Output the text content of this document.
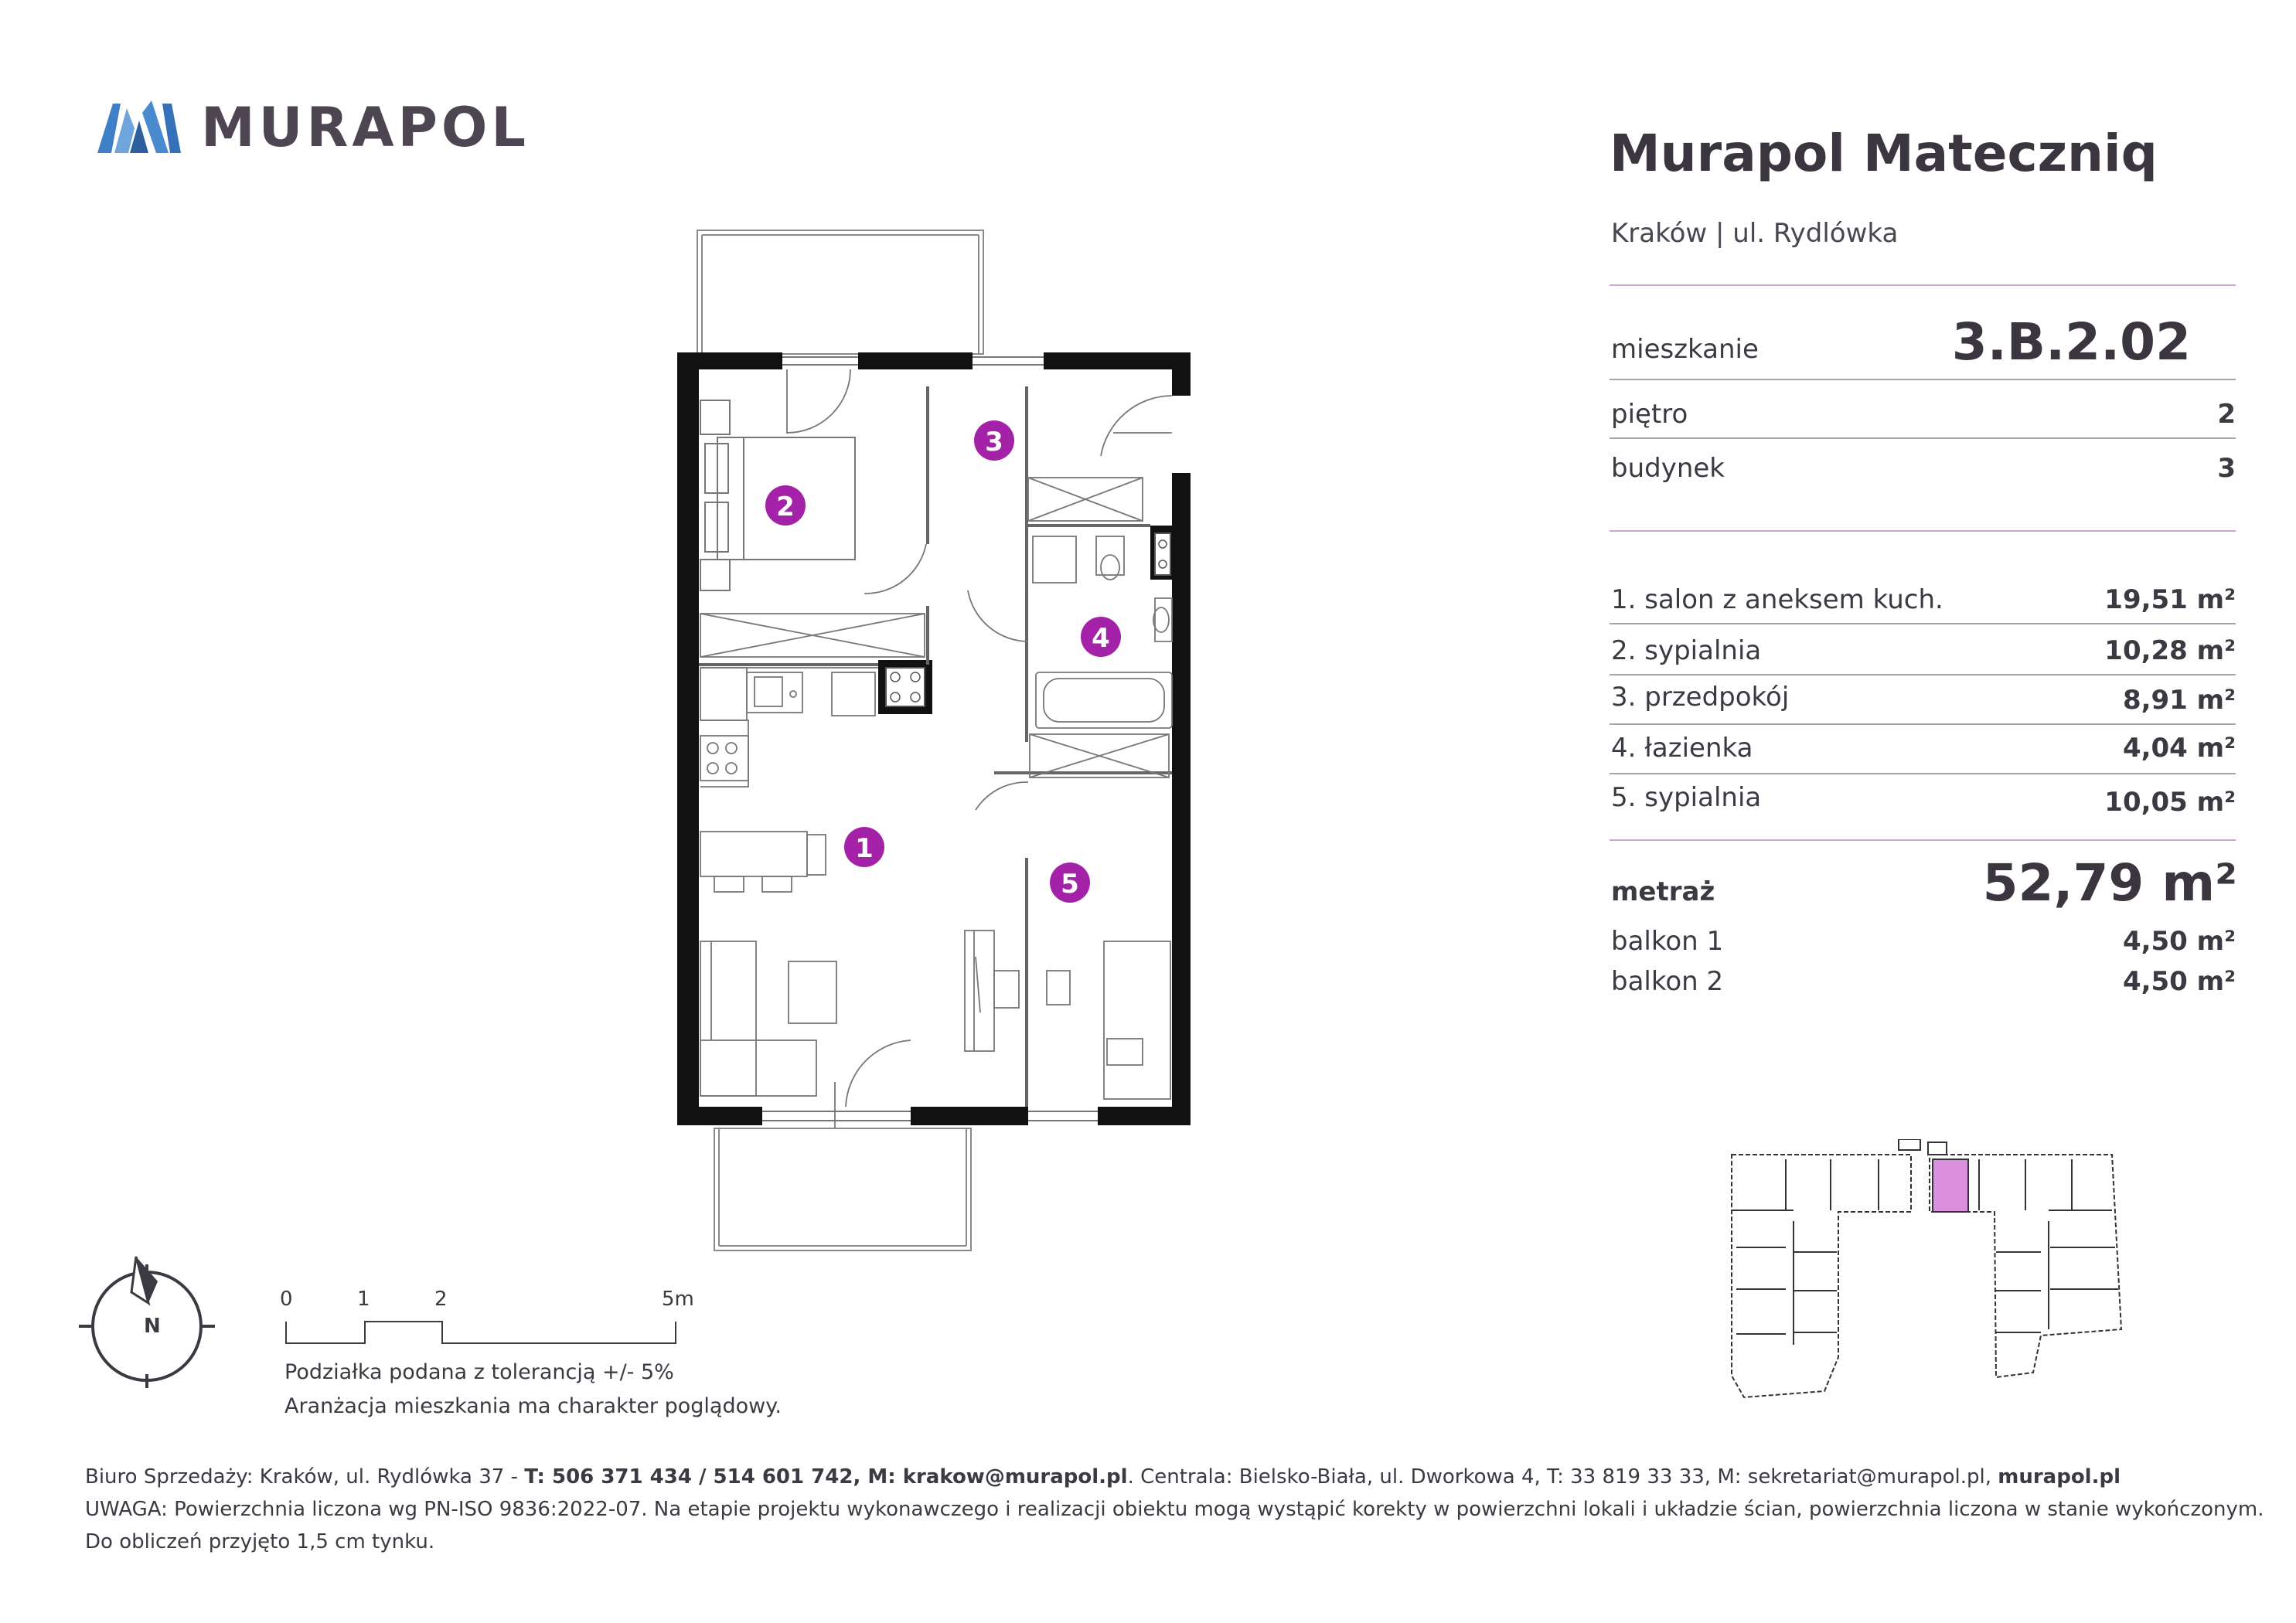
MURAPOL
2
3
4
1
5
N
0	1	2	5m
Podziałka podana z tolerancją +/- 5%
Aranżacja mieszkania ma charakter poglądowy.
Murapol Mateczniq
Kraków | ul. Rydlówka
mieszkanie	3.B.2.02
piętro	2
budynek	3
1. salon z aneksem kuch.	19,51 m²
2. sypialnia	10,28 m²
3. przedpokój	8,91 m²
4. łazienka	4,04 m²
5. sypialnia	10,05 m²
metraż	52,79 m²
balkon 1	4,50 m²
balkon 2	4,50 m²
Biuro Sprzedaży: Kraków, ul. Rydlówka 37 - T: 506 371 434 / 514 601 742, M: krakow@murapol.pl. Centrala: Bielsko-Biała, ul. Dworkowa 4, T: 33 819 33 33, M: sekretariat@murapol.pl, murapol.pl
UWAGA: Powierzchnia liczona wg PN-ISO 9836:2022-07. Na etapie projektu wykonawczego i realizacji obiektu mogą wystąpić korekty w powierzchni lokali i układzie ścian, powierzchnia liczona w stanie wykończonym.
Do obliczeń przyjęto 1,5 cm tynku.
